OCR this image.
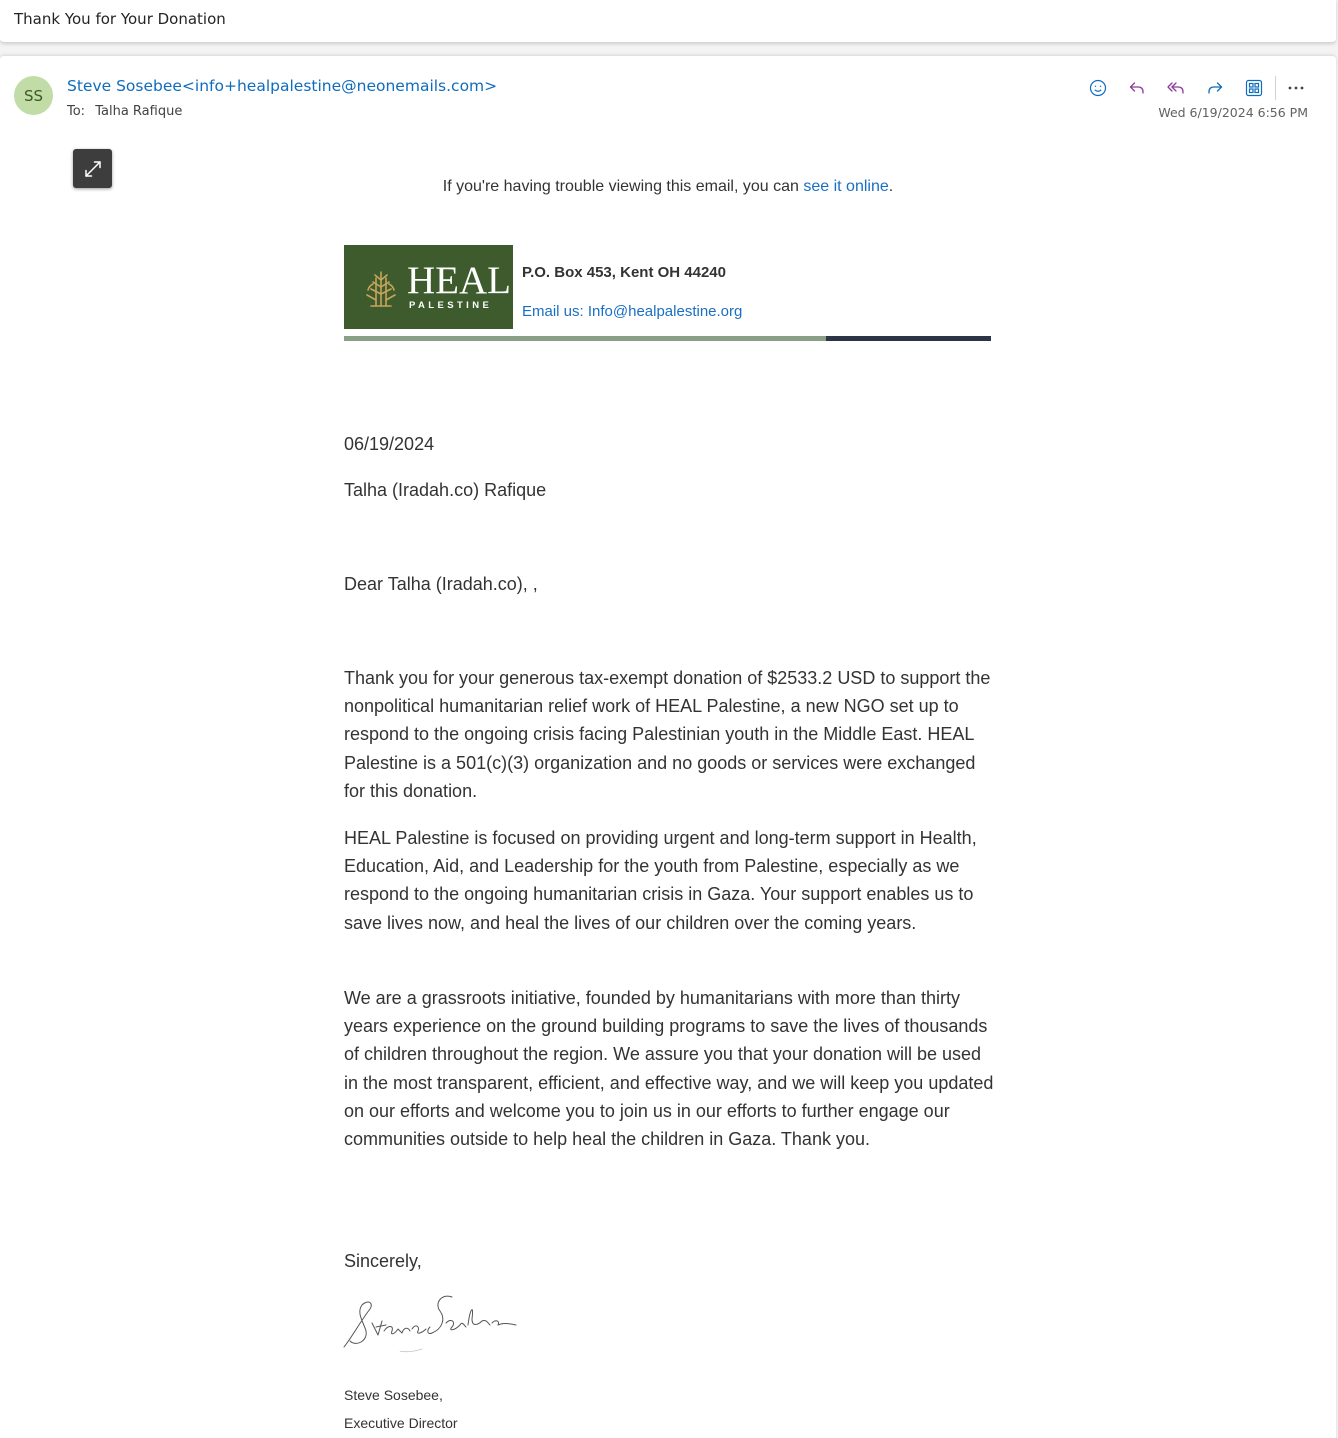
Thank You for Your Donation
SS
Steve Sosebee<info+healpalestine@neonemails.com>
To: Talha Rafique	Wed 6/19/2024 6:56 PM
If you're having trouble viewing this email, you can see it online.
HEAL
PALESTINE
P.O. Box 453, Kent OH 44240
Email us: Info@healpalestine.org
06/19/2024
Talha (Iradah.co) Rafique
Dear Talha (Iradah.co), ,
Thank you for your generous tax-exempt donation of $2533.2 USD to support the nonpolitical humanitarian relief work of HEAL Palestine, a new NGO set up to respond to the ongoing crisis facing Palestinian youth in the Middle East. HEAL Palestine is a 501(c)(3) organization and no goods or services were exchanged for this donation.
HEAL Palestine is focused on providing urgent and long-term support in Health, Education, Aid, and Leadership for the youth from Palestine, especially as we respond to the ongoing humanitarian crisis in Gaza. Your support enables us to save lives now, and heal the lives of our children over the coming years.
We are a grassroots initiative, founded by humanitarians with more than thirty years experience on the ground building programs to save the lives of thousands of children throughout the region. We assure you that your donation will be used in the most transparent, efficient, and effective way, and we will keep you updated on our efforts and welcome you to join us in our efforts to further engage our communities outside to help heal the children in Gaza. Thank you.
Sincerely,
Steve Sosebee,
Executive Director
